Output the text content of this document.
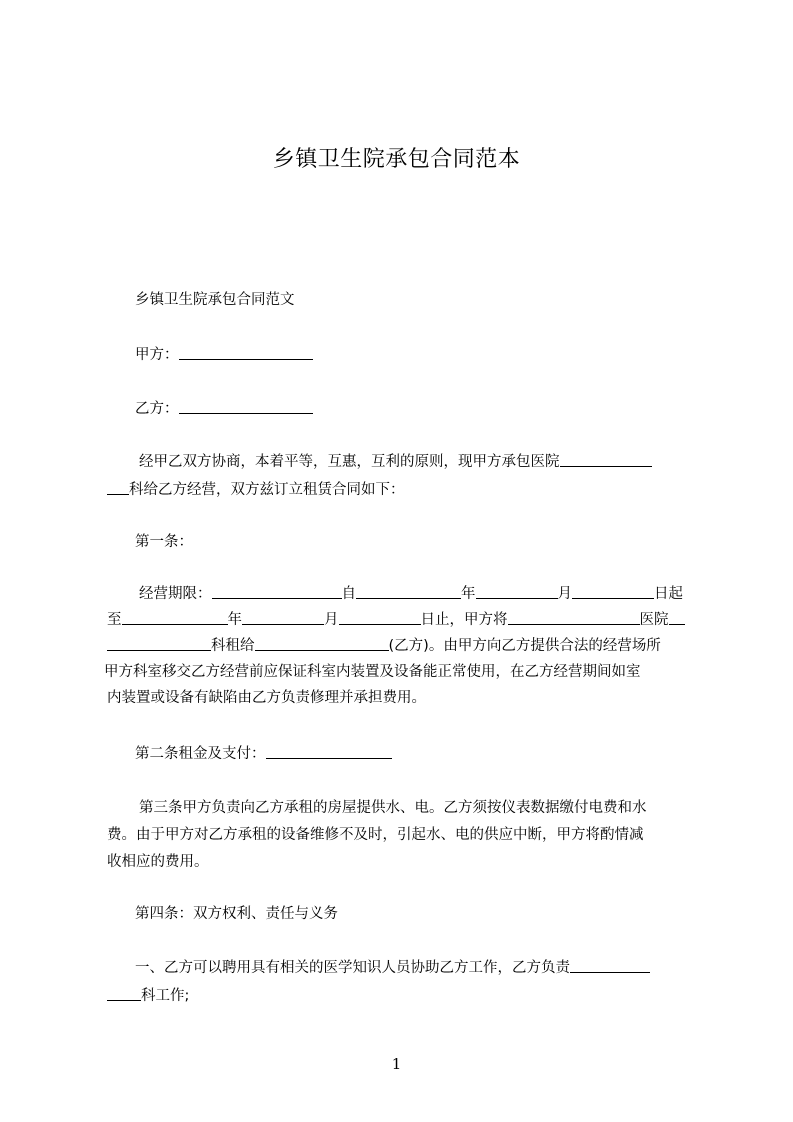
乡镇卫生院承包合同范本
乡镇卫生院承包合同范文
甲方：
乙方：
经甲乙双方协商，本着平等，互惠，互利的原则，现甲方承包医院
科给乙方经营，双方兹订立租赁合同如下：
第一条：
经营期限：	自	年	月	日起
至	年	月	日止，甲方将	医院
科租给	(乙方)。由甲方向乙方提供合法的经营场所
甲方科室移交乙方经营前应保证科室内装置及设备能正常使用，在乙方经营期间如室
内装置或设备有缺陷由乙方负责修理并承担费用。
第二条租金及支付：
第三条甲方负责向乙方承租的房屋提供水、电。乙方须按仪表数据缴付电费和水
费。由于甲方对乙方承租的设备维修不及时，引起水、电的供应中断，甲方将酌情减
收相应的费用。
第四条：双方权利、责任与义务
一、乙方可以聘用具有相关的医学知识人员协助乙方工作，乙方负责
科工作;
1
